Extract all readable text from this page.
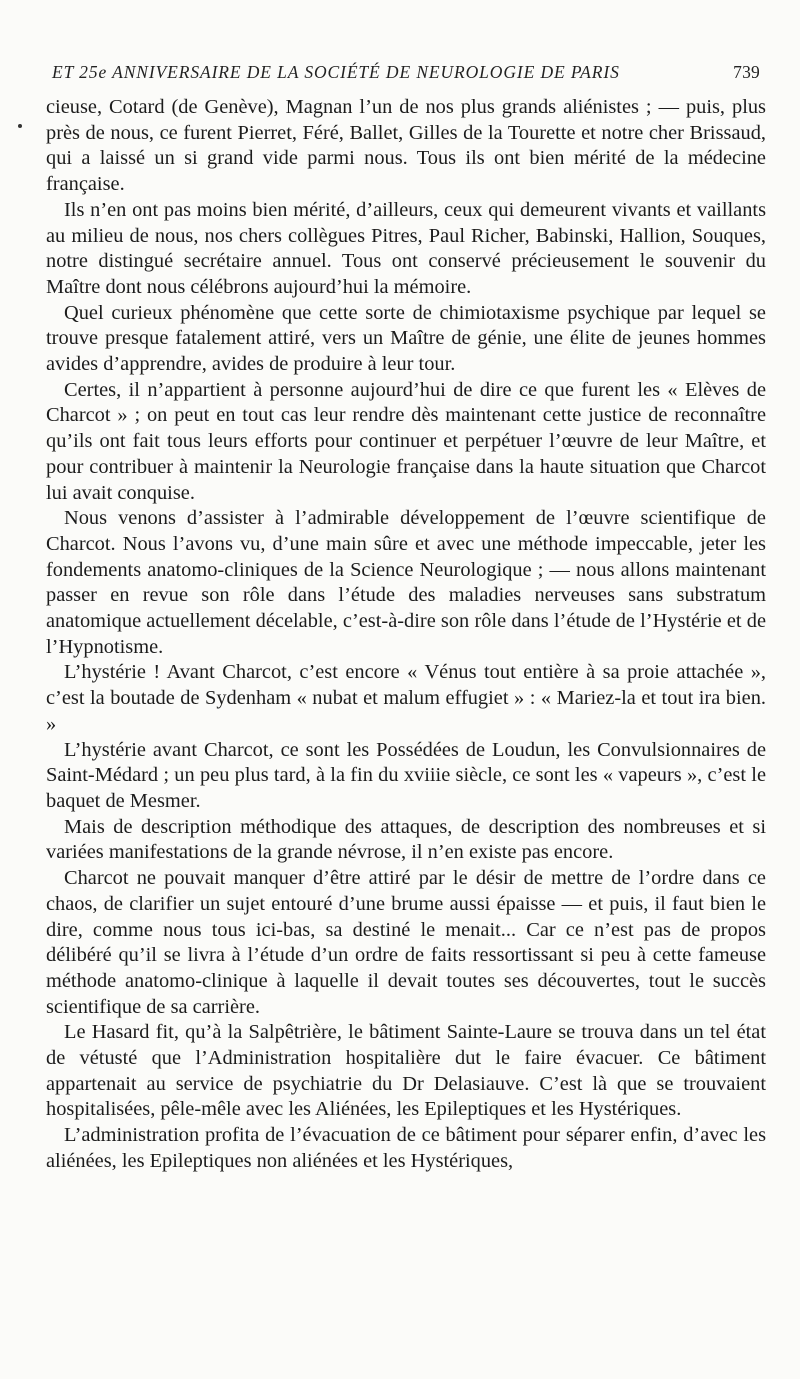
ET 25e ANNIVERSAIRE DE LA SOCIÉTÉ DE NEUROLOGIE DE PARIS	739

cieuse, Cotard (de Genève), Magnan l’un de nos plus grands aliénistes ; — puis, plus près de nous, ce furent Pierret, Féré, Ballet, Gilles de la Tourette et notre cher Brissaud, qui a laissé un si grand vide parmi nous. Tous ils ont bien mérité de la médecine française.

Ils n’en ont pas moins bien mérité, d’ailleurs, ceux qui demeurent vivants et vaillants au milieu de nous, nos chers collègues Pitres, Paul Richer, Babinski, Hallion, Souques, notre distingué secrétaire annuel. Tous ont conservé précieusement le souvenir du Maître dont nous célébrons aujourd’hui la mémoire.

Quel curieux phénomène que cette sorte de chimiotaxisme psychique par lequel se trouve presque fatalement attiré, vers un Maître de génie, une élite de jeunes hommes avides d’apprendre, avides de produire à leur tour.

Certes, il n’appartient à personne aujourd’hui de dire ce que furent les « Elèves de Charcot » ; on peut en tout cas leur rendre dès maintenant cette justice de reconnaître qu’ils ont fait tous leurs efforts pour continuer et perpétuer l’œuvre de leur Maître, et pour contribuer à maintenir la Neurologie française dans la haute situation que Charcot lui avait conquise.

Nous venons d’assister à l’admirable développement de l’œuvre scientifique de Charcot. Nous l’avons vu, d’une main sûre et avec une méthode impeccable, jeter les fondements anatomo-cliniques de la Science Neurologique ; — nous allons maintenant passer en revue son rôle dans l’étude des maladies nerveuses sans substratum anatomique actuellement décelable, c’est-à-dire son rôle dans l’étude de l’Hystérie et de l’Hypnotisme.

L’hystérie ! Avant Charcot, c’est encore « Vénus tout entière à sa proie attachée », c’est la boutade de Sydenham « nubat et malum effugiet » : « Mariez-la et tout ira bien. »

L’hystérie avant Charcot, ce sont les Possédées de Loudun, les Convulsionnaires de Saint-Médard ; un peu plus tard, à la fin du xviiie siècle, ce sont les « vapeurs », c’est le baquet de Mesmer.

Mais de description méthodique des attaques, de description des nombreuses et si variées manifestations de la grande névrose, il n’en existe pas encore.

Charcot ne pouvait manquer d’être attiré par le désir de mettre de l’ordre dans ce chaos, de clarifier un sujet entouré d’une brume aussi épaisse — et puis, il faut bien le dire, comme nous tous ici-bas, sa destiné le menait... Car ce n’est pas de propos délibéré qu’il se livra à l’étude d’un ordre de faits ressortissant si peu à cette fameuse méthode anatomo-clinique à laquelle il devait toutes ses découvertes, tout le succès scientifique de sa carrière.

Le Hasard fit, qu’à la Salpêtrière, le bâtiment Sainte-Laure se trouva dans un tel état de vétusté que l’Administration hospitalière dut le faire évacuer. Ce bâtiment appartenait au service de psychiatrie du Dr Delasiauve. C’est là que se trouvaient hospitalisées, pêle-mêle avec les Aliénées, les Epileptiques et les Hystériques.

L’administration profita de l’évacuation de ce bâtiment pour séparer enfin, d’avec les aliénées, les Epileptiques non aliénées et les Hystériques,
